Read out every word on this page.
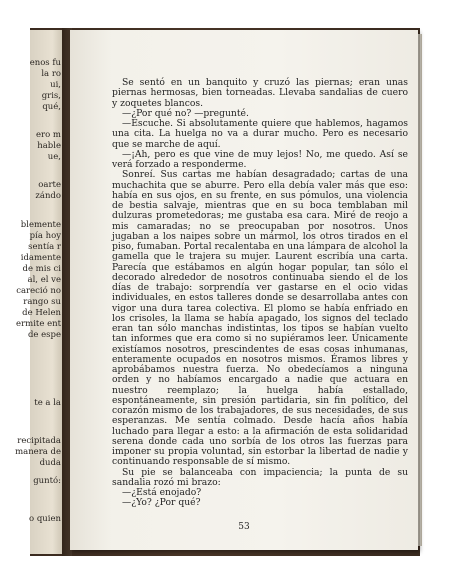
enos fu
la ro
ui,
gris,
qué,
ero m
hable
ue,
oarte
zándo
blemente
pía hoy
sentía r
idamente
de mis ci
al, el ve
careció no
rango su
de Helen
ermite ent
de espe
te a la
recipitada
manera de
duda
guntó:
o quien

Se sentó en un banquito y cruzó las piernas; eran unas piernas hermosas, bien torneadas. Llevaba sandalias de cuero y zoquetes blancos.

—¿Por qué no? —pregunté.

—Escuche. Si absolutamente quiere que hablemos, hagamos una cita. La huelga no va a durar mucho. Pero es necesario que se marche de aquí.

—¡Ah, pero es que vine de muy lejos! No, me quedo. Así se verá forzado a responderme.

Sonreí. Sus cartas me habían desagradado; cartas de una muchachita que se aburre. Pero ella debía valer más que eso: había en sus ojos, en su frente, en sus pómulos, una violencia de bestia salvaje, mientras que en su boca temblaban mil dulzuras prometedoras; me gustaba esa cara. Miré de reojo a mis camaradas; no se preocupaban por nosotros. Unos jugaban a los naipes sobre un mármol, los otros tirados en el piso, fumaban. Portal recalentaba en una lámpara de alcohol la gamella que le trajera su mujer. Laurent escribía una carta. Parecía que estábamos en algún hogar popular, tan sólo el decorado alrededor de nosotros continuaba siendo el de los días de trabajo: sorprendía ver gastarse en el ocio vidas individuales, en estos talleres donde se desarrollaba antes con vigor una dura tarea colectiva. El plomo se había enfriado en los crisoles, la llama se había apagado, los signos del teclado eran tan sólo manchas indistintas, los tipos se habían vuelto tan informes que era como si no supiéramos leer. Únicamente existíamos nosotros, prescindentes de esas cosas inhumanas, enteramente ocupados en nosotros mismos. Éramos libres y aprobábamos nuestra fuerza. No obedecíamos a ninguna orden y no habíamos encargado a nadie que actuara en nuestro reemplazo; la huelga había estallado, espontáneamente, sin presión partidaria, sin fin político, del corazón mismo de los trabajadores, de sus necesidades, de sus esperanzas. Me sentía colmado. Desde hacía años había luchado para llegar a esto: a la afirmación de esta solidaridad serena donde cada uno sorbía de los otros las fuerzas para imponer su propia voluntad, sin estorbar la libertad de nadie y continuando responsable de sí mismo.

Su pie se balanceaba con impaciencia; la punta de su sandalia rozó mi brazo:

—¿Está enojado?

—¿Yo? ¿Por qué?

53
